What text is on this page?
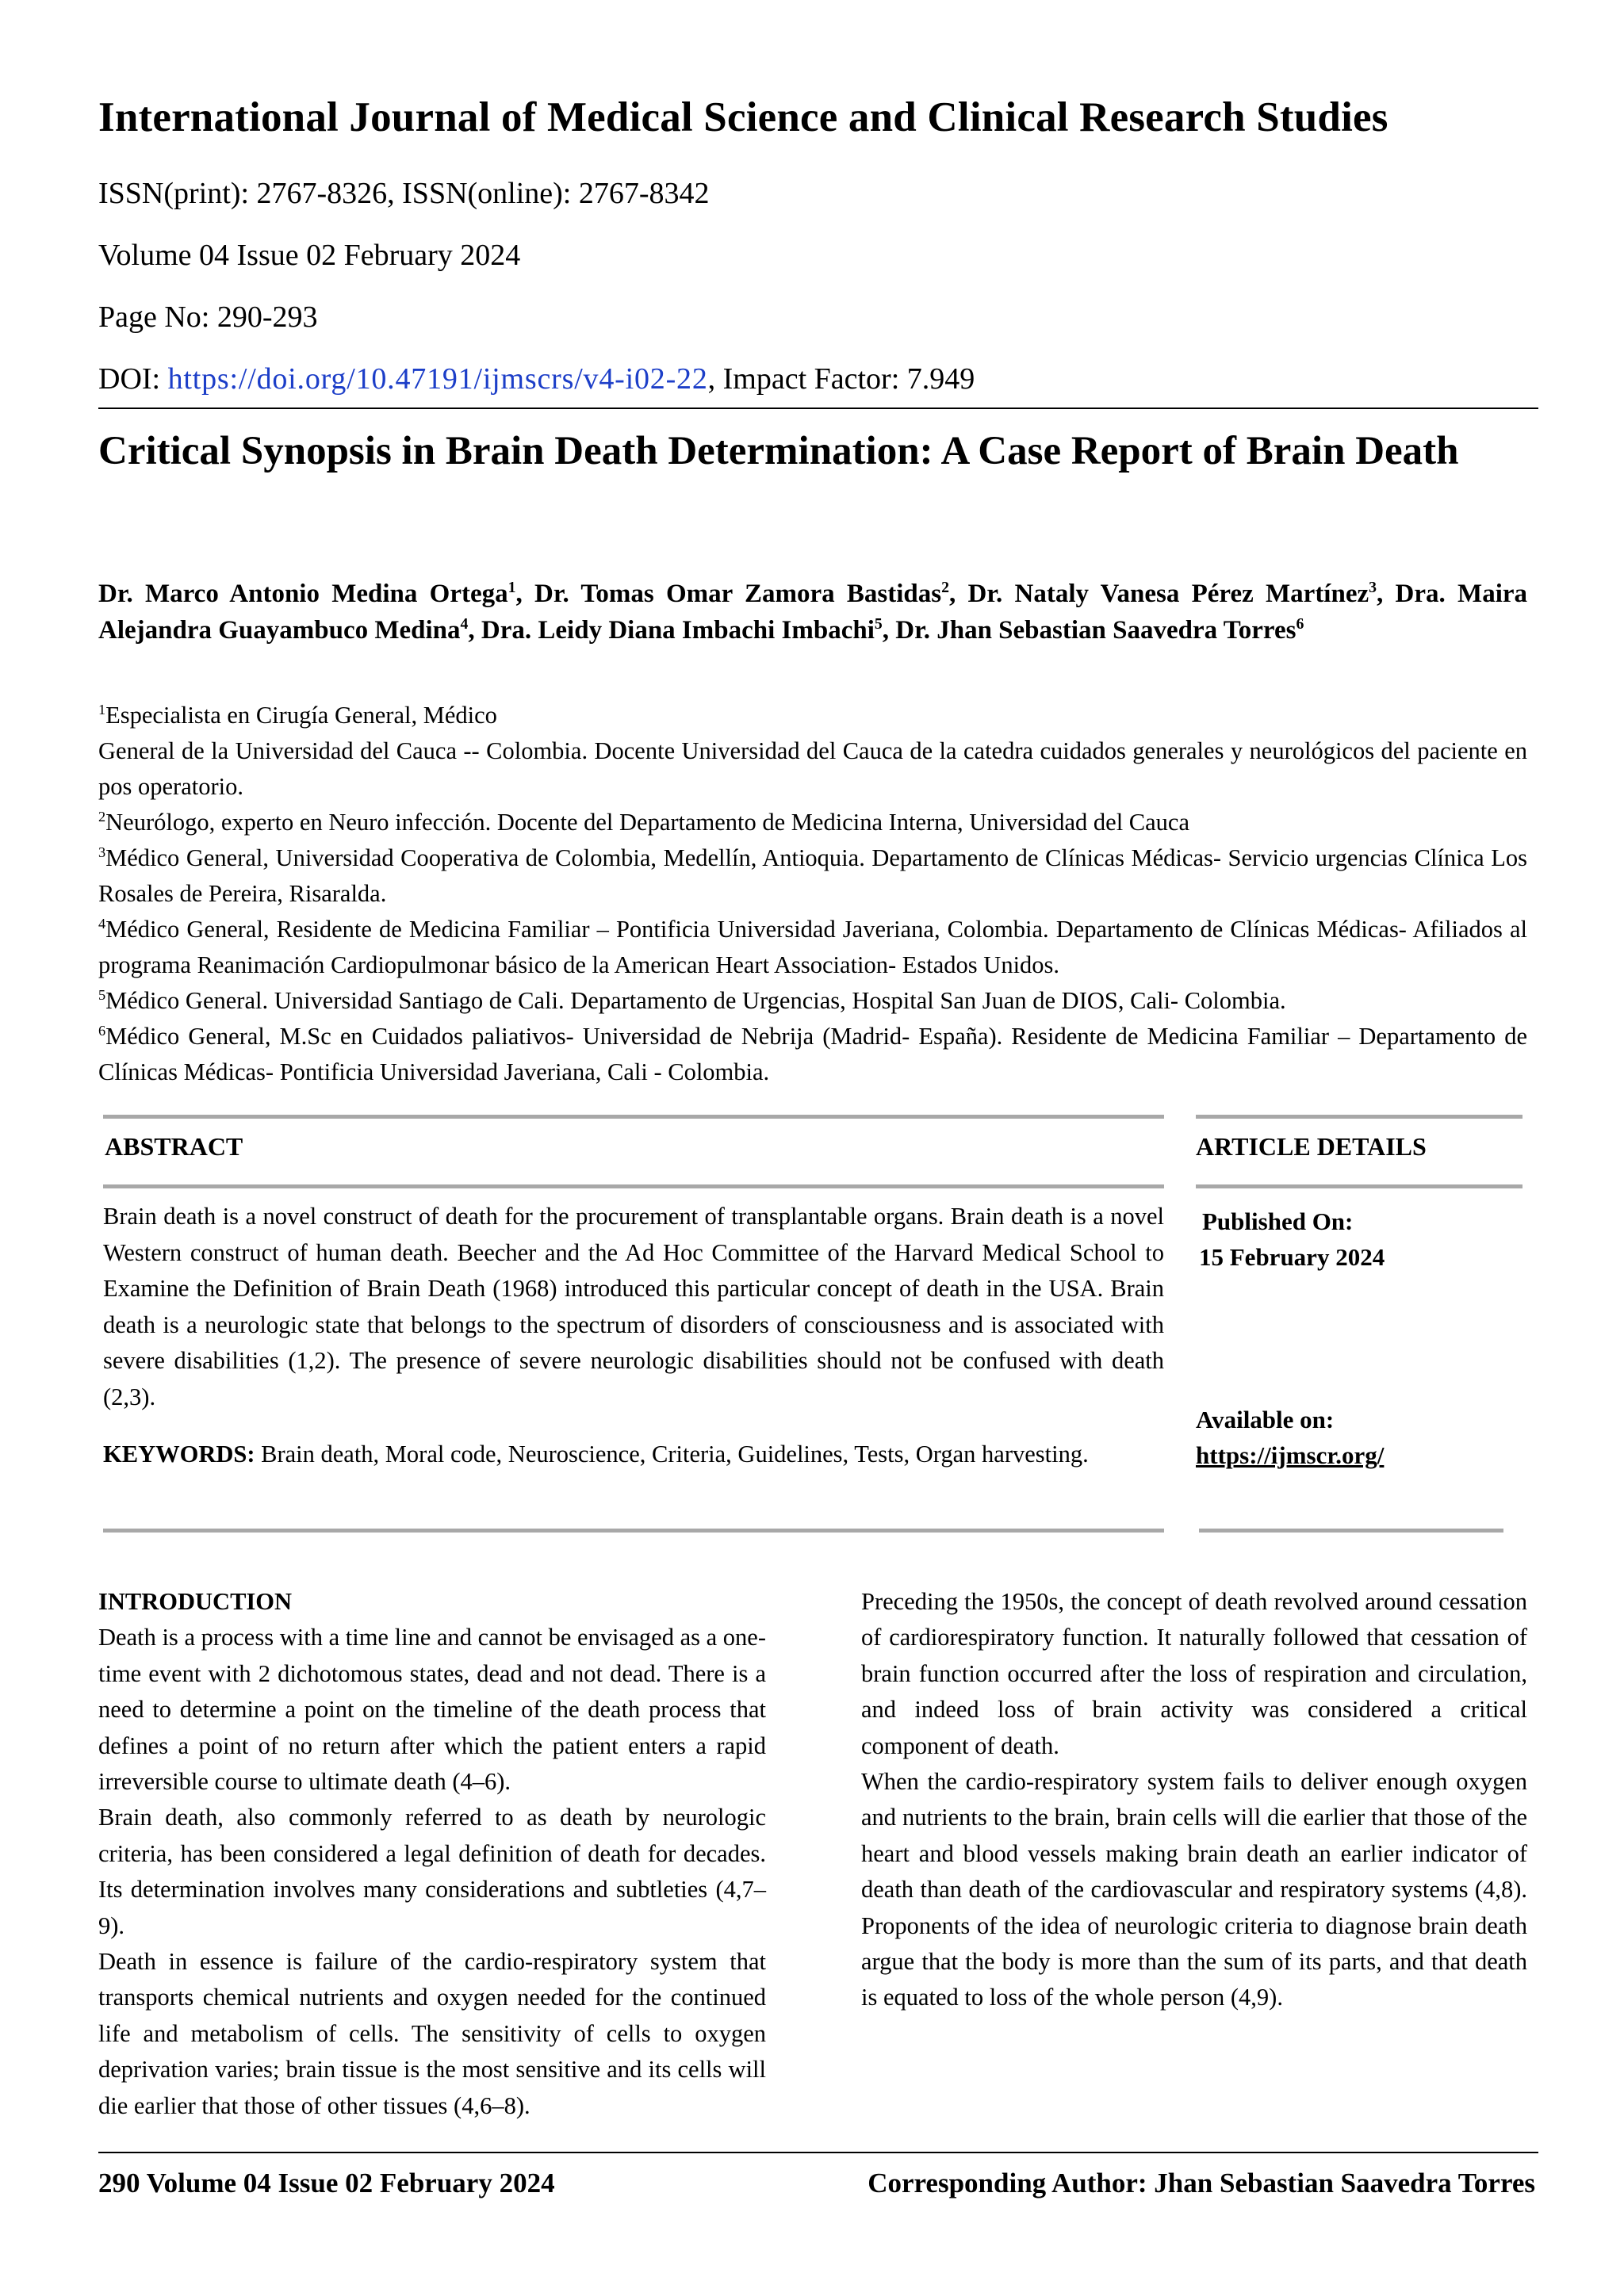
International Journal of Medical Science and Clinical Research Studies
ISSN(print): 2767-8326, ISSN(online): 2767-8342
Volume 04 Issue 02 February 2024
Page No: 290-293
DOI: https://doi.org/10.47191/ijmscrs/v4-i02-22, Impact Factor: 7.949
Critical Synopsis in Brain Death Determination: A Case Report of Brain Death
Dr. Marco Antonio Medina Ortega$^1$, Dr. Tomas Omar Zamora Bastidas$^2$, Dr. Nataly Vanesa Pérez Martínez$^3$, Dra. Maira Alejandra Guayambuco Medina$^4$, Dra. Leidy Diana Imbachi Imbachi$^5$, Dr. Jhan Sebastian Saavedra Torres$^6$

$^1$Especialista en Cirugía General, Médico

General de la Universidad del Cauca -- Colombia. Docente Universidad del Cauca de la catedra cuidados generales y neurológicos del paciente en pos operatorio.

$^2$Neurólogo, experto en Neuro infección. Docente del Departamento de Medicina Interna, Universidad del Cauca

$^3$Médico General, Universidad Cooperativa de Colombia, Medellín, Antioquia. Departamento de Clínicas Médicas- Servicio urgencias Clínica Los Rosales de Pereira, Risaralda.

$^4$Médico General, Residente de Medicina Familiar – Pontificia Universidad Javeriana, Colombia. Departamento de Clínicas Médicas- Afiliados al programa Reanimación Cardiopulmonar básico de la American Heart Association- Estados Unidos.

$^5$Médico General. Universidad Santiago de Cali. Departamento de Urgencias, Hospital San Juan de DIOS, Cali- Colombia.

$^6$Médico General, M.Sc en Cuidados paliativos- Universidad de Nebrija (Madrid- España). Residente de Medicina Familiar – Departamento de Clínicas Médicas- Pontificia Universidad Javeriana, Cali - Colombia.

ABSTRACT	ARTICLE DETAILS
Brain death is a novel construct of death for the procurement of transplantable organs. Brain death is a novel Western construct of human death. Beecher and the Ad Hoc Committee of the Harvard Medical School to Examine the Definition of Brain Death (1968) introduced this particular concept of death in the USA. Brain death is a neurologic state that belongs to the spectrum of disorders of consciousness and is associated with severe disabilities (1,2). The presence of severe neurologic disabilities should not be confused with death (2,3).
KEYWORDS: Brain death, Moral code, Neuroscience, Criteria, Guidelines, Tests, Organ harvesting.
Published On:
15 February 2024
Available on:
https://ijmscr.org/

INTRODUCTION

Death is a process with a time line and cannot be envisaged as a one-time event with 2 dichotomous states, dead and not dead. There is a need to determine a point on the timeline of the death process that defines a point of no return after which the patient enters a rapid irreversible course to ultimate death (4–6).

Brain death, also commonly referred to as death by neurologic criteria, has been considered a legal definition of death for decades. Its determination involves many considerations and subtleties (4,7–9).

Death in essence is failure of the cardio-respiratory system that transports chemical nutrients and oxygen needed for the continued life and metabolism of cells. The sensitivity of cells to oxygen deprivation varies; brain tissue is the most sensitive and its cells will die earlier that those of other tissues (4,6–8).

Preceding the 1950s, the concept of death revolved around cessation of cardiorespiratory function. It naturally followed that cessation of brain function occurred after the loss of respiration and circulation, and indeed loss of brain activity was considered a critical component of death.

When the cardio-respiratory system fails to deliver enough oxygen and nutrients to the brain, brain cells will die earlier that those of the heart and blood vessels making brain death an earlier indicator of death than death of the cardiovascular and respiratory systems (4,8). Proponents of the idea of neurologic criteria to diagnose brain death argue that the body is more than the sum of its parts, and that death is equated to loss of the whole person (4,9).

290 Volume 04 Issue 02 February 2024	Corresponding Author: Jhan Sebastian Saavedra Torres
